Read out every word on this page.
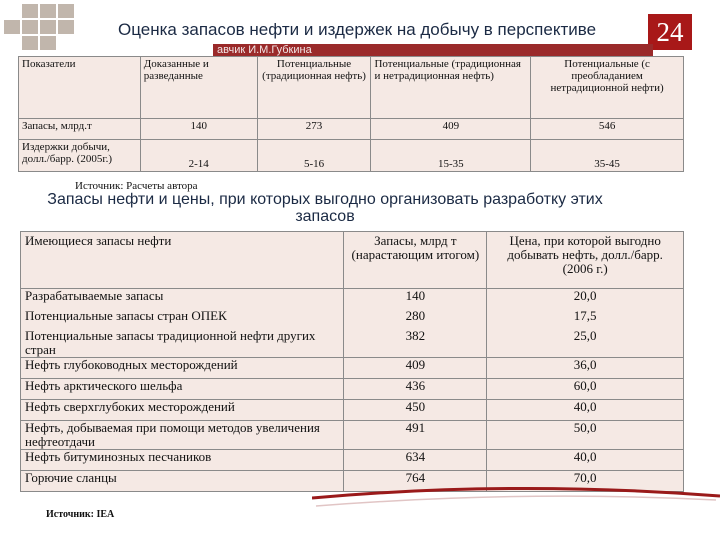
Оценка запасов нефти и издержек на добычу в перспективе	24
авчик И.М.Губкина
Показатели	Доказанные и разведанные	Потенциальные (традиционная нефть)	Потенциальные (традиционная и нетрадиционная нефть)	Потенциальные (с преобладанием нетрадиционной нефти)
Запасы, млрд.т	140	273	409	546
Издержки добычи, долл./барр. (2005г.)	2-14	5-16	15-35	35-45
Источник: Расчеты автора
Запасы нефти и цены, при которых выгодно организовать разработку этих запасов
Имеющиеся запасы нефти	Запасы, млрд т (нарастающим итогом)	Цена, при которой выгодно добывать нефть, долл./барр. (2006 г.)
Разрабатываемые запасы	140	20,0
Потенциальные запасы стран ОПЕК	280	17,5
Потенциальные запасы традиционной нефти других стран	382	25,0
Нефть глубоководных месторождений	409	36,0
Нефть арктического шельфа	436	60,0
Нефть сверхглубоких месторождений	450	40,0
Нефть, добываемая при помощи методов увеличения нефтеотдачи	491	50,0
Нефть битуминозных песчаников	634	40,0
Горючие сланцы	764	70,0
Источник: IEA
